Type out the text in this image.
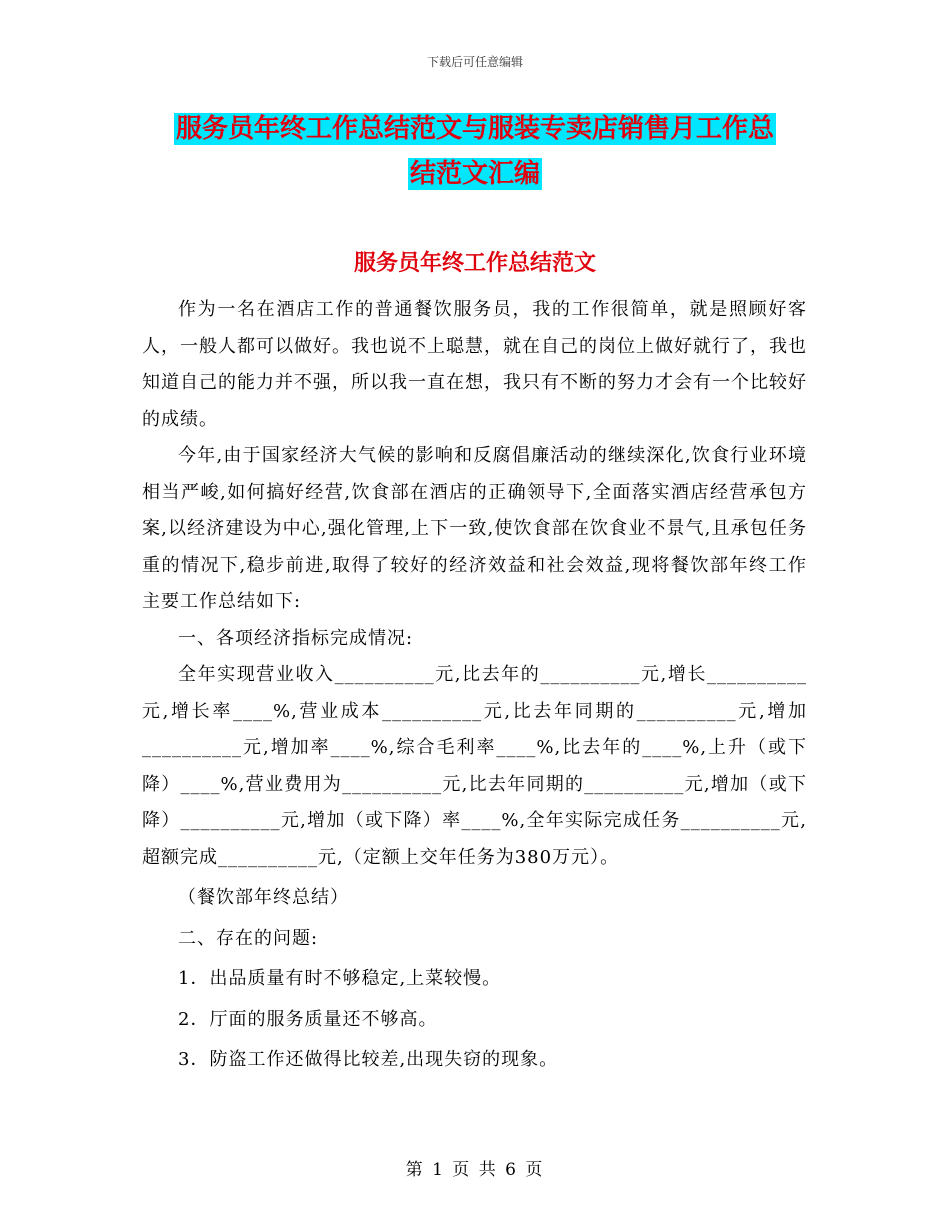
下载后可任意编辑
服务员年终工作总结范文与服装专卖店销售月工作总
结范文汇编
服务员年终工作总结范文

作为一名在酒店工作的普通餐饮服务员，我的工作很简单，就是照顾好客人，一般人都可以做好。我也说不上聪慧，就在自己的岗位上做好就行了，我也知道自己的能力并不强，所以我一直在想，我只有不断的努力才会有一个比较好的成绩。

今年,由于国家经济大气候的影响和反腐倡廉活动的继续深化,饮食行业环境相当严峻,如何搞好经营,饮食部在酒店的正确领导下,全面落实酒店经营承包方案,以经济建设为中心,强化管理,上下一致,使饮食部在饮食业不景气,且承包任务重的情况下,稳步前进,取得了较好的经济效益和社会效益,现将餐饮部年终工作主要工作总结如下:

一、各项经济指标完成情况:

全年实现营业收入__________元,比去年的__________元,增长__________元,增长率____%,营业成本__________元,比去年同期的__________元,增加__________元,增加率____%,综合毛利率____%,比去年的____%,上升（或下降）____%,营业费用为__________元,比去年同期的__________元,增加（或下降）__________元,增加（或下降）率____%,全年实际完成任务__________元,超额完成__________元,（定额上交年任务为380万元）。

（餐饮部年终总结）

二、存在的问题:

1．出品质量有时不够稳定,上菜较慢。

2．厅面的服务质量还不够高。

3．防盗工作还做得比较差,出现失窃的现象。

第 1 页 共 6 页
